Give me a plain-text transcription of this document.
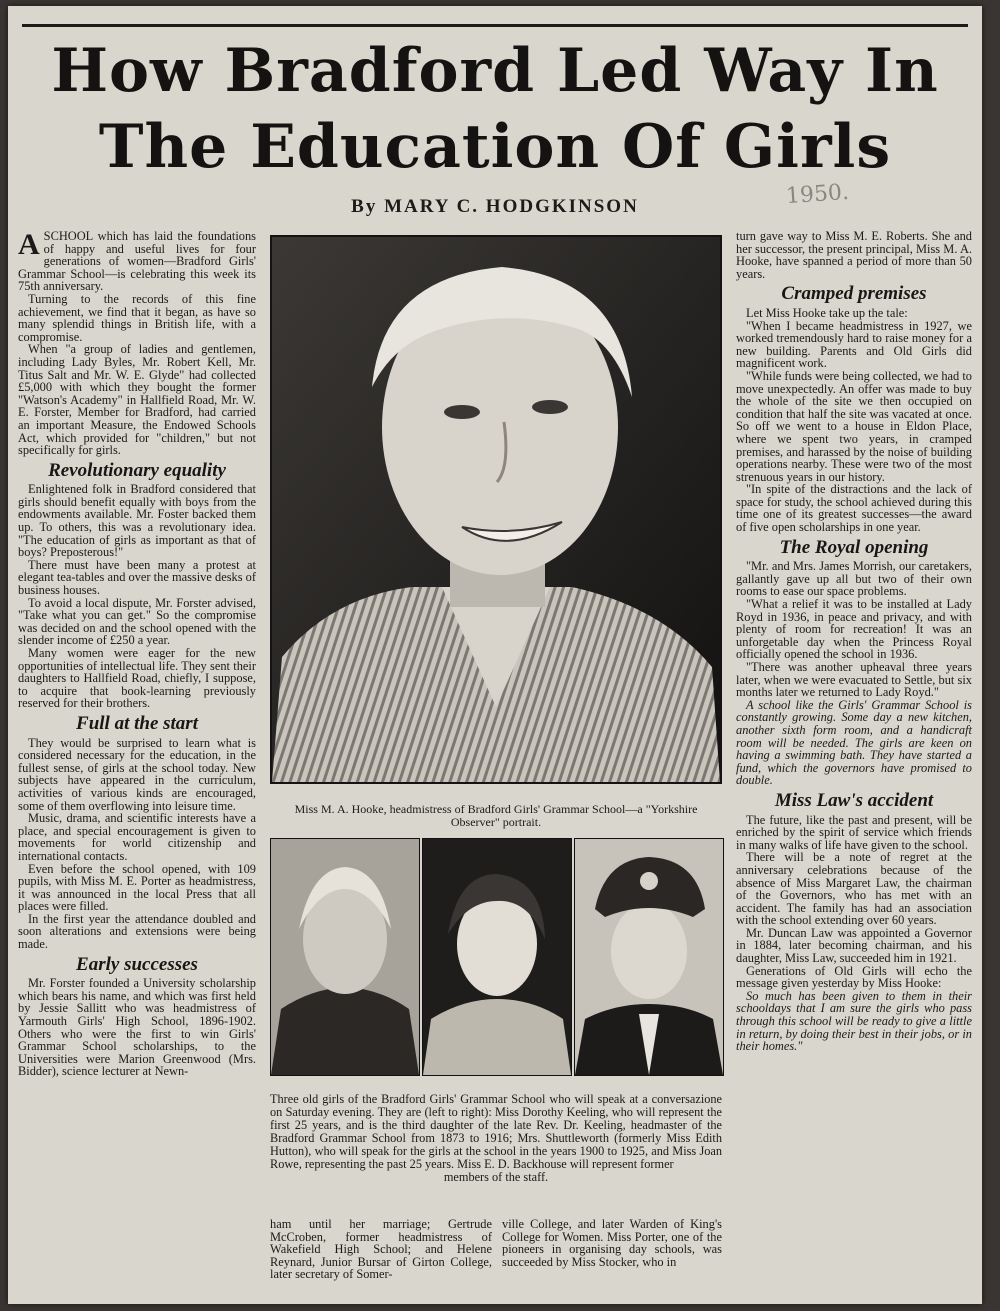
How Bradford Led Way In
The Education Of Girls
1950.
By MARY C. HODGKINSON

ASCHOOL which has laid the foundations of happy and useful lives for four generations of women—Bradford Girls' Grammar School—is celebrating this week its 75th anniversary.

Turning to the records of this fine achievement, we find that it began, as have so many splendid things in British life, with a compromise.

When "a group of ladies and gentlemen, including Lady Byles, Mr. Robert Kell, Mr. Titus Salt and Mr. W. E. Glyde" had collected £5,000 with which they bought the former "Watson's Academy" in Hallfield Road, Mr. W. E. Forster, Member for Bradford, had carried an important Measure, the Endowed Schools Act, which provided for "children," but not specifically for girls.

Revolutionary equality

Enlightened folk in Bradford considered that girls should benefit equally with boys from the endowments available. Mr. Foster backed them up. To others, this was a revolutionary idea. "The education of girls as important as that of boys? Preposterous!"

There must have been many a protest at elegant tea-tables and over the massive desks of business houses.

To avoid a local dispute, Mr. Forster advised, "Take what you can get." So the compromise was decided on and the school opened with the slender income of £250 a year.

Many women were eager for the new opportunities of intellectual life. They sent their daughters to Hallfield Road, chiefly, I suppose, to acquire that book-learning previously reserved for their brothers.

Full at the start

They would be surprised to learn what is considered necessary for the education, in the fullest sense, of girls at the school today. New subjects have appeared in the curriculum, activities of various kinds are encouraged, some of them overflowing into leisure time.

Music, drama, and scientific interests have a place, and special encouragement is given to movements for world citizenship and international contacts.

Even before the school opened, with 109 pupils, with Miss M. E. Porter as headmistress, it was announced in the local Press that all places were filled.

In the first year the attendance doubled and soon alterations and extensions were being made.

Early successes

Mr. Forster founded a University scholarship which bears his name, and which was first held by Jessie Sallitt who was headmistress of Yarmouth Girls' High School, 1896-1902. Others who were the first to win Girls' Grammar School scholarships, to the Universities were Marion Greenwood (Mrs. Bidder), science lecturer at Newn-

Miss M. A. Hooke, headmistress of Bradford Girls' Grammar School—a "Yorkshire Observer" portrait.
Three old girls of the Bradford Girls' Grammar School who will speak at a conversazione on Saturday evening. They are (left to right): Miss Dorothy Keeling, who will represent the first 25 years, and is the third daughter of the late Rev. Dr. Keeling, headmaster of the Bradford Grammar School from 1873 to 1916; Mrs. Shuttleworth (formerly Miss Edith Hutton), who will speak for the girls at the school in the years 1900 to 1925, and Miss Joan Rowe, representing the past 25 years. Miss E. D. Backhouse will represent former
members of the staff.

ham until her marriage; Gertrude McCroben, former headmistress of Wakefield High School; and Helene Reynard, Junior Bursar of Girton College, later secretary of Somer-

ville College, and later Warden of King's College for Women. Miss Porter, one of the pioneers in organising day schools, was succeeded by Miss Stocker, who in

turn gave way to Miss M. E. Roberts. She and her successor, the present principal, Miss M. A. Hooke, have spanned a period of more than 50 years.

Cramped premises

Let Miss Hooke take up the tale:

"When I became headmistress in 1927, we worked tremendously hard to raise money for a new building. Parents and Old Girls did magnificent work.

"While funds were being collected, we had to move unexpectedly. An offer was made to buy the whole of the site we then occupied on condition that half the site was vacated at once. So off we went to a house in Eldon Place, where we spent two years, in cramped premises, and harassed by the noise of building operations nearby. These were two of the most strenuous years in our history.

"In spite of the distractions and the lack of space for study, the school achieved during this time one of its greatest successes—the award of five open scholarships in one year.

The Royal opening

"Mr. and Mrs. James Morrish, our caretakers, gallantly gave up all but two of their own rooms to ease our space problems.

"What a relief it was to be installed at Lady Royd in 1936, in peace and privacy, and with plenty of room for recreation! It was an unforgetable day when the Princess Royal officially opened the school in 1936.

"There was another upheaval three years later, when we were evacuated to Settle, but six months later we returned to Lady Royd."

A school like the Girls' Grammar School is constantly growing. Some day a new kitchen, another sixth form room, and a handicraft room will be needed. The girls are keen on having a swimming bath. They have started a fund, which the governors have promised to double.

Miss Law's accident

The future, like the past and present, will be enriched by the spirit of service which friends in many walks of life have given to the school.

There will be a note of regret at the anniversary celebrations because of the absence of Miss Margaret Law, the chairman of the Governors, who has met with an accident. The family has had an association with the school extending over 60 years.

Mr. Duncan Law was appointed a Governor in 1884, later becoming chairman, and his daughter, Miss Law, succeeded him in 1921.

Generations of Old Girls will echo the message given yesterday by Miss Hooke:

So much has been given to them in their schooldays that I am sure the girls who pass through this school will be ready to give a little in return, by doing their best in their jobs, or in their homes."
